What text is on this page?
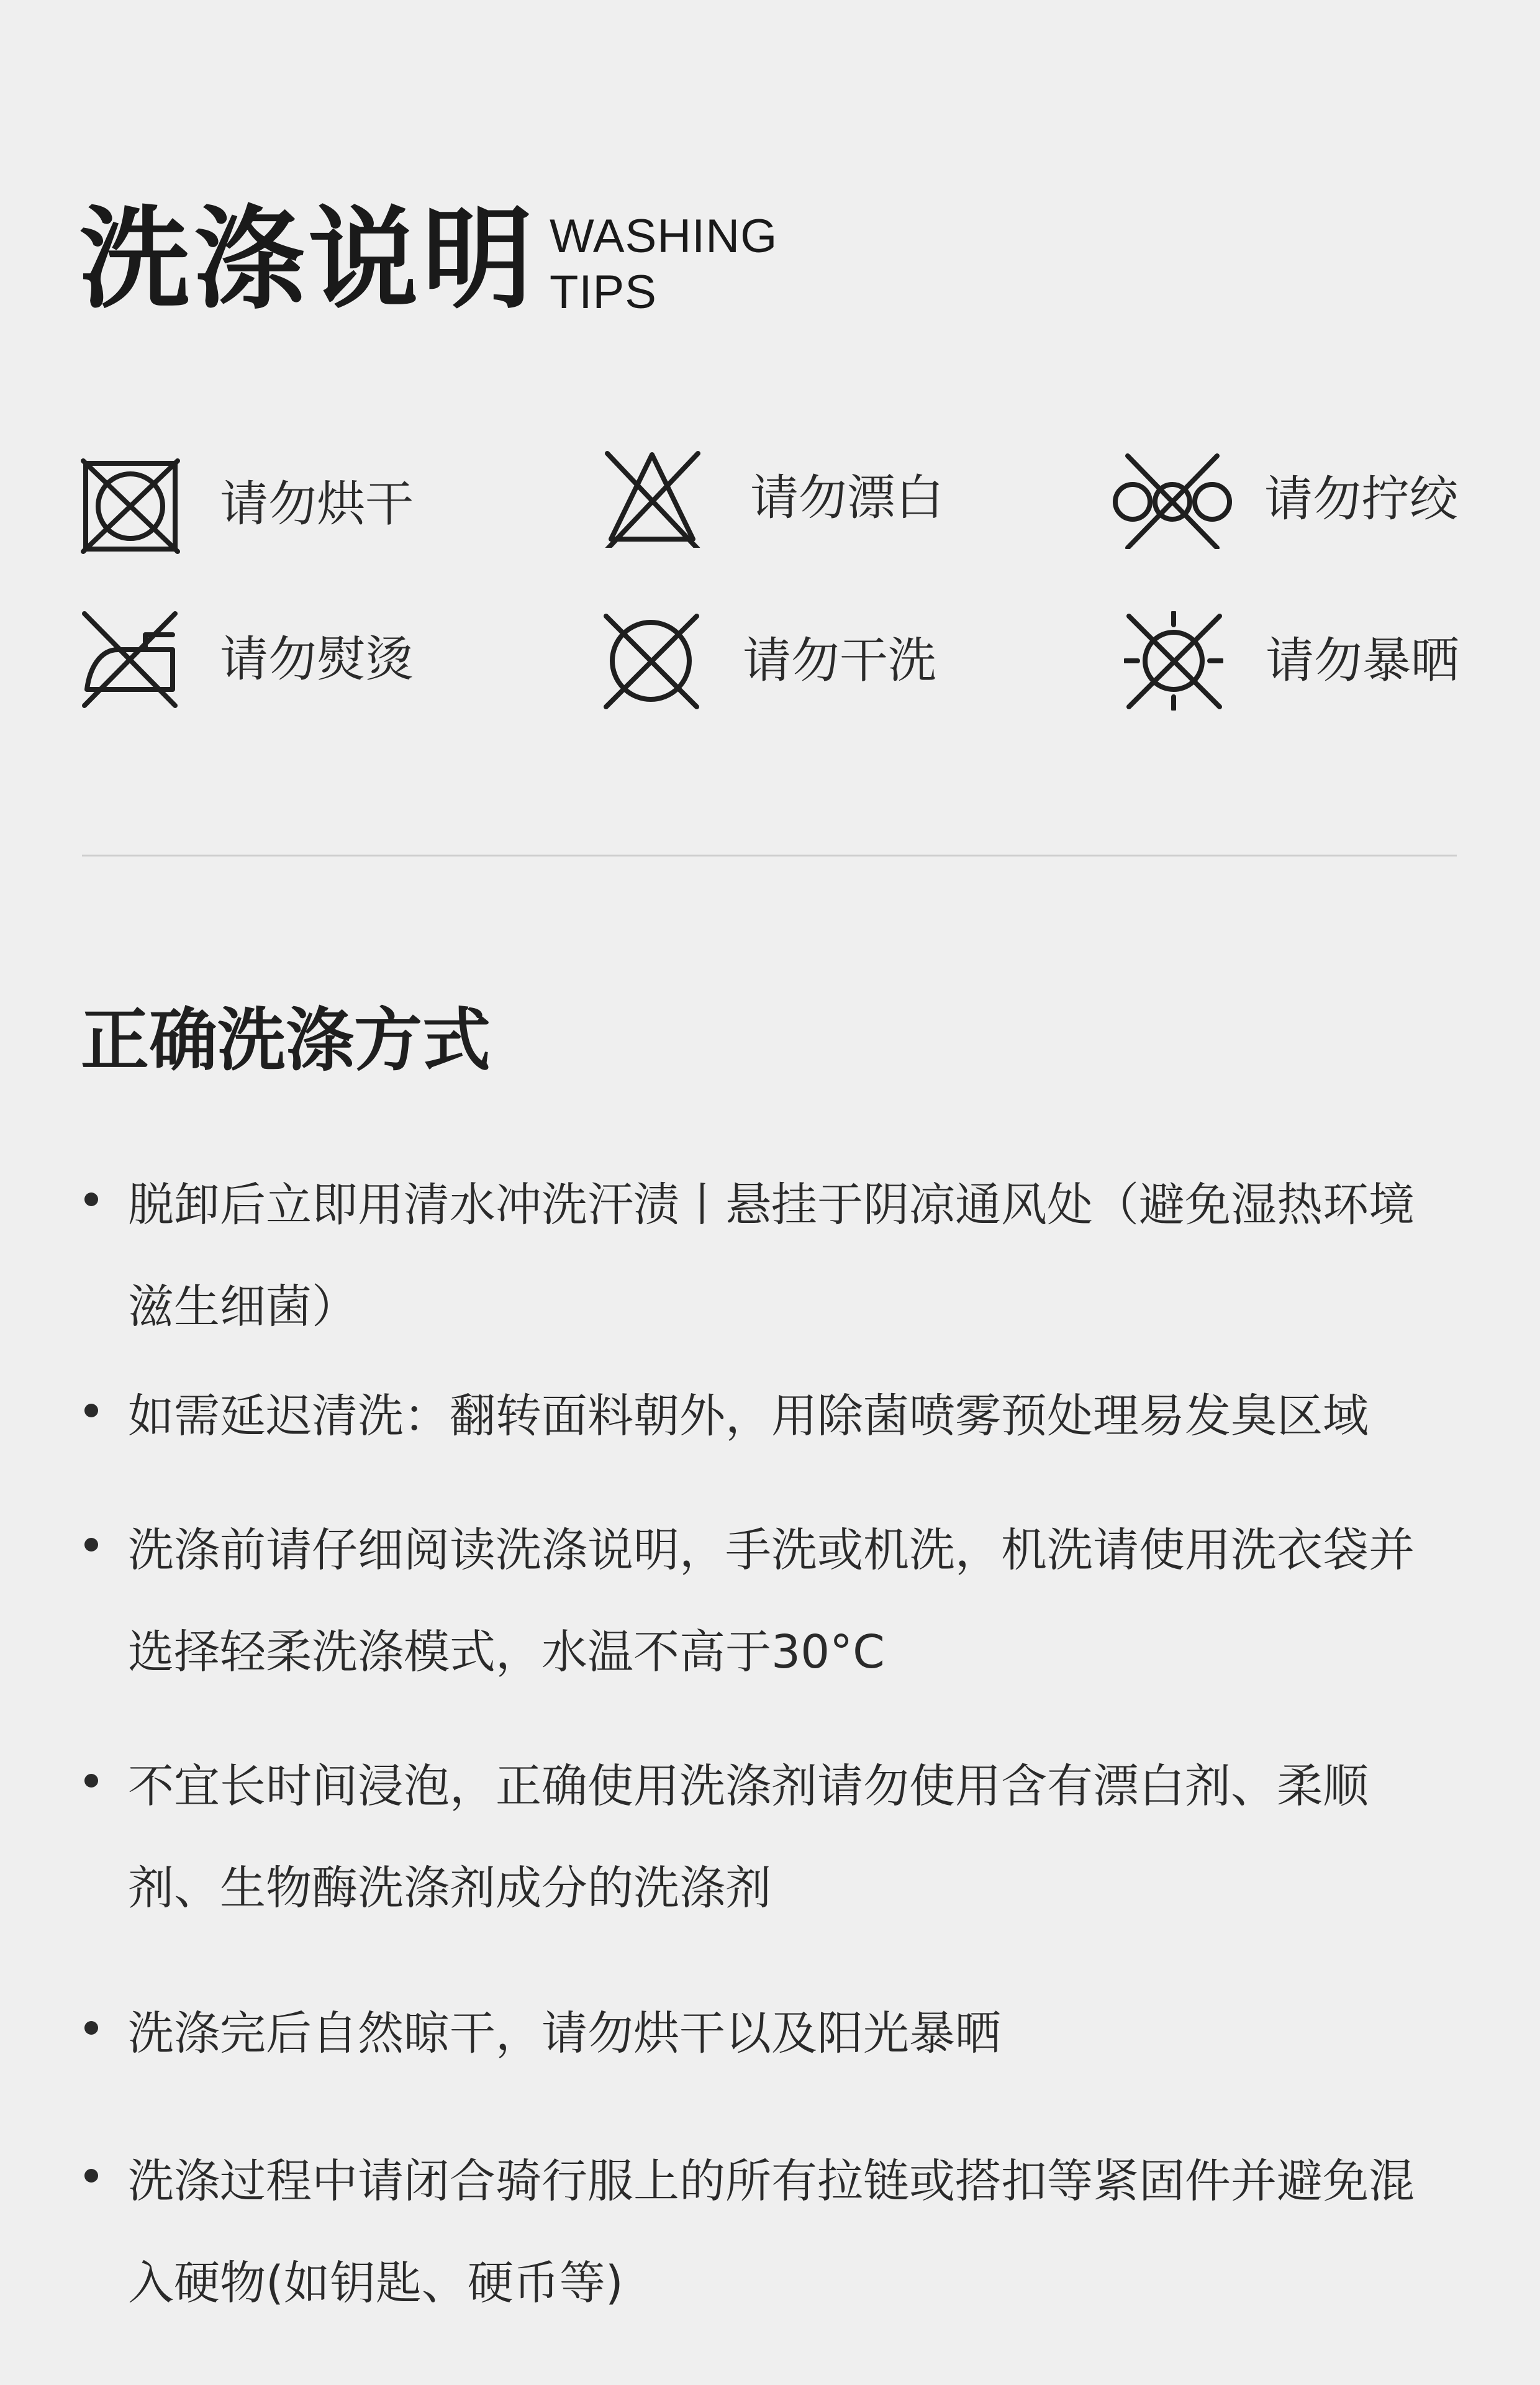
洗涤说明 WASHING
TIPS
请勿烘干	请勿漂白	请勿拧绞
请勿熨烫	请勿干洗	请勿暴晒
正确洗涤方式

脱卸后立即用清水冲洗汗渍丨悬挂于阴凉通风处（避免湿热环境滋生细菌）

如需延迟清洗：翻转面料朝外，用除菌喷雾预处理易发臭区域

洗涤前请仔细阅读洗涤说明，手洗或机洗，机洗请使用洗衣袋并选择轻柔洗涤模式，水温不高于30°C

不宜长时间浸泡，正确使用洗涤剂请勿使用含有漂白剂、柔顺剂、生物酶洗涤剂成分的洗涤剂

洗涤完后自然晾干，请勿烘干以及阳光暴晒

洗涤过程中请闭合骑行服上的所有拉链或搭扣等紧固件并避免混入硬物(如钥匙、硬币等)
